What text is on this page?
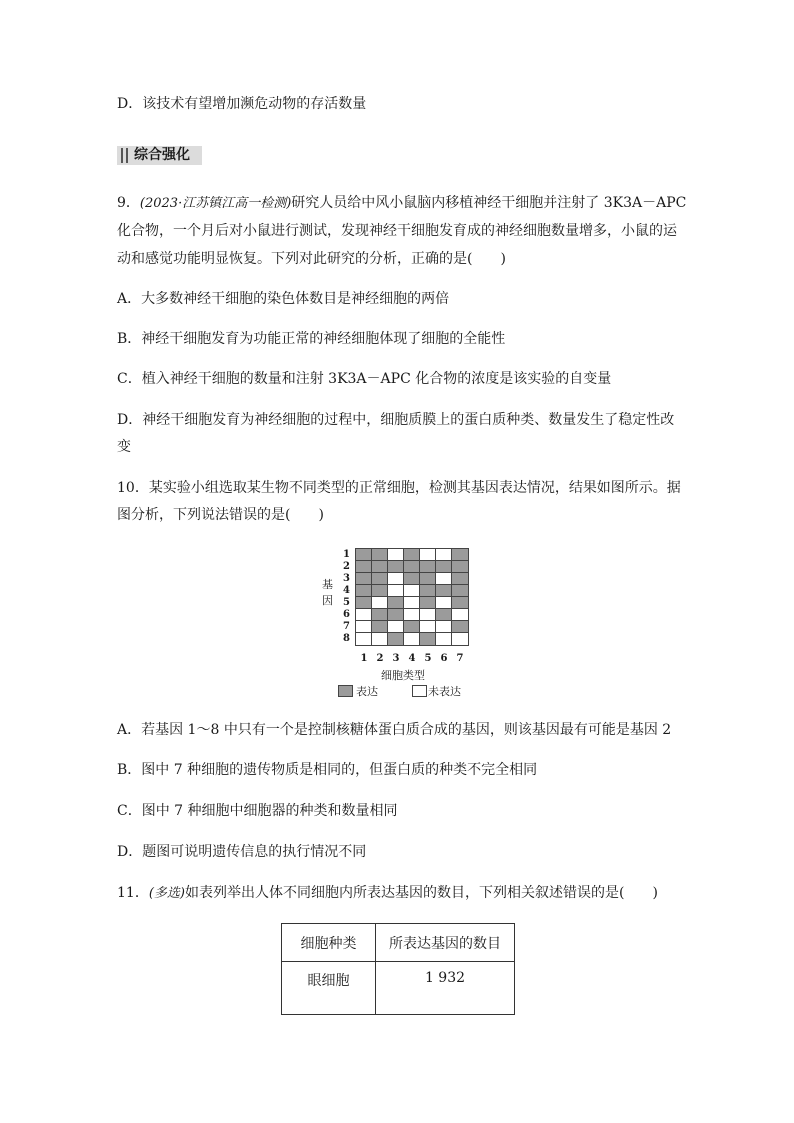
D．该技术有望增加濒危动物的存活数量
综合强化
9．(2023·江苏镇江高一检测)研究人员给中风小鼠脑内移植神经干细胞并注射了 3K3A－APC
化合物，一个月后对小鼠进行测试，发现神经干细胞发育成的神经细胞数量增多，小鼠的运
动和感觉功能明显恢复。下列对此研究的分析，正确的是(　　)
A．大多数神经干细胞的染色体数目是神经细胞的两倍
B．神经干细胞发育为功能正常的神经细胞体现了细胞的全能性
C．植入神经干细胞的数量和注射 3K3A－APC 化合物的浓度是该实验的自变量
D．神经干细胞发育为神经细胞的过程中，细胞质膜上的蛋白质种类、数量发生了稳定性改
变
10．某实验小组选取某生物不同类型的正常细胞，检测其基因表达情况，结果如图所示。据
图分析，下列说法错误的是(　　)
基
因
细胞类型
表达	未表达
1
2
3
4
5
6
7
8
1 2 3 4 5 6 7
A．若基因 1～8 中只有一个是控制核糖体蛋白质合成的基因，则该基因最有可能是基因 2
B．图中 7 种细胞的遗传物质是相同的，但蛋白质的种类不完全相同
C．图中 7 种细胞中细胞器的种类和数量相同
D．题图可说明遗传信息的执行情况不同
11．(多选)如表列举出人体不同细胞内所表达基因的数目，下列相关叙述错误的是(　　)
细胞种类	所表达基因的数目
眼细胞	1 932
